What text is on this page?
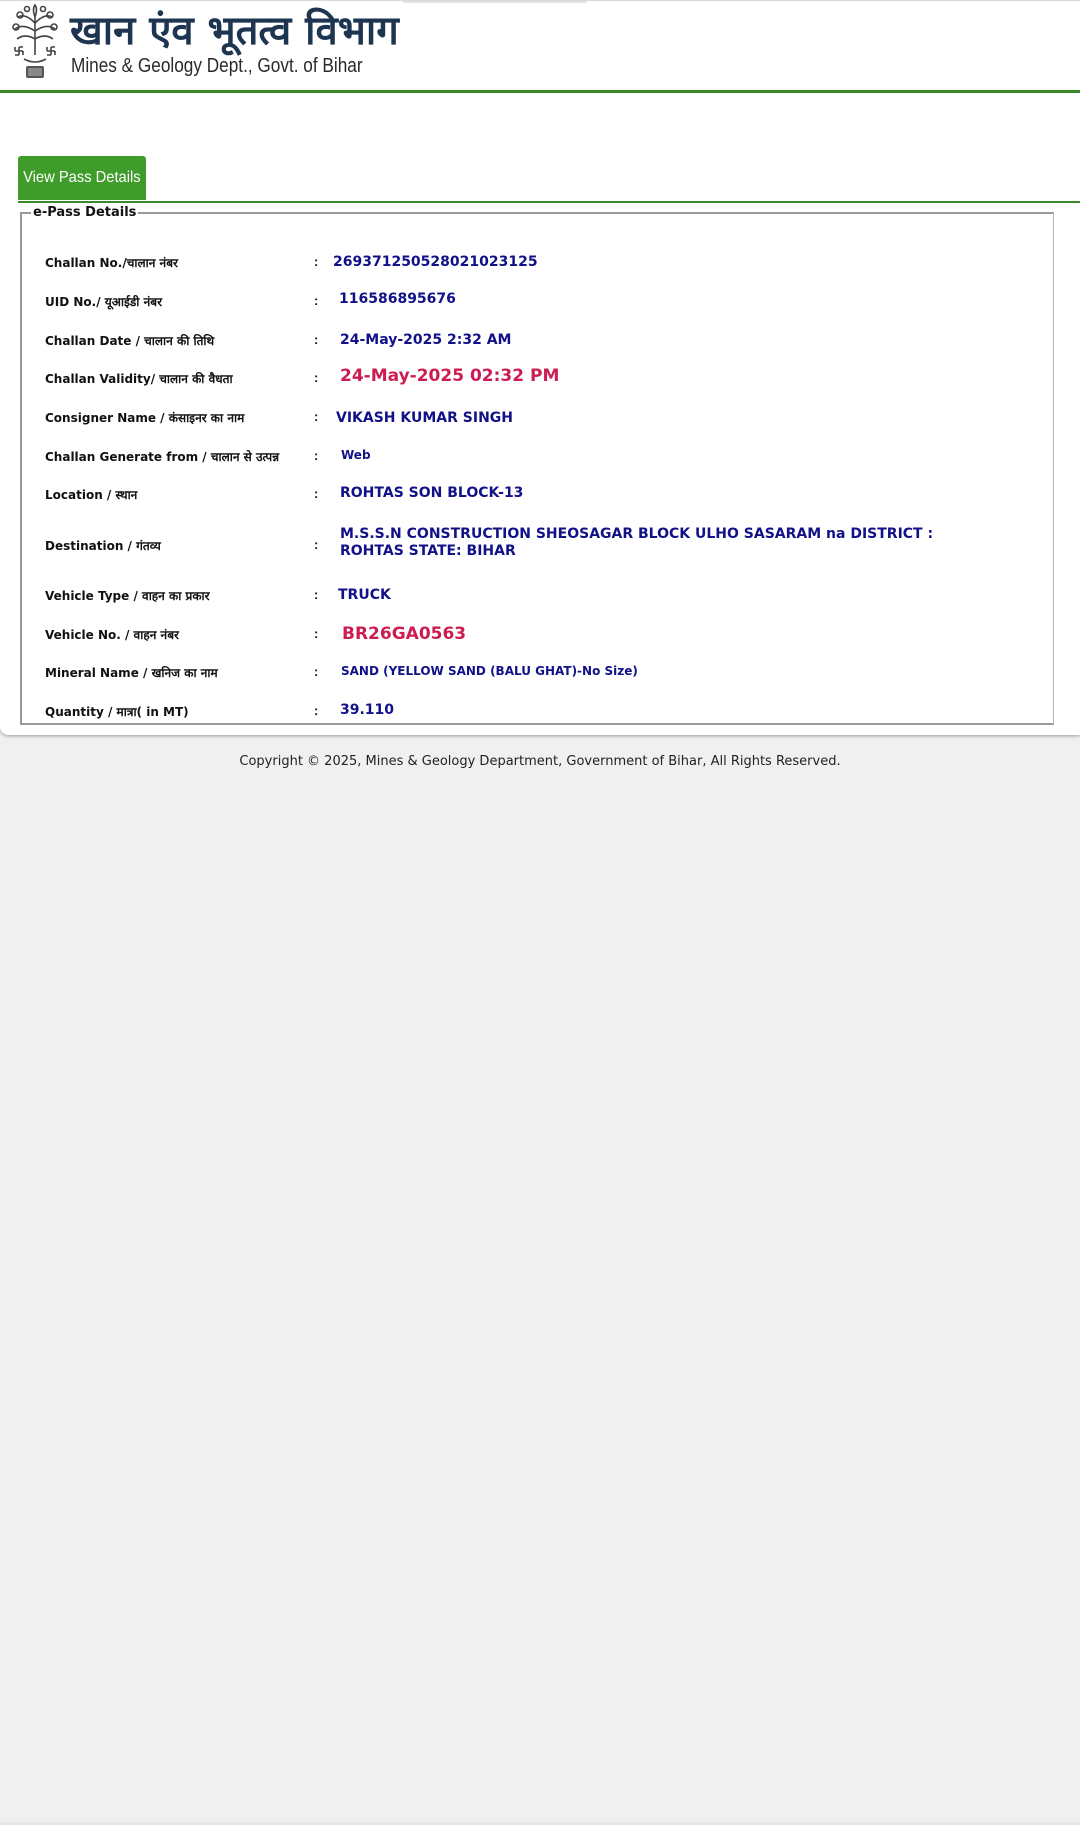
खान एंव भूतत्व विभाग
Mines & Geology Dept., Govt. of Bihar
View Pass Details
e-Pass Details
Challan No./चालान नंबर	: 269371250528021023125
UID No./ यूआईडी नंबर	: 116586895676
Challan Date / चालान की तिथि	: 24-May-2025 2:32 AM
Challan Validity/ चालान की वैधता	: 24-May-2025 02:32 PM
Consigner Name / कंसाइनर का नाम	: VIKASH KUMAR SINGH
Challan Generate from / चालान से उत्पन्न	: Web
Location / स्थान	: ROHTAS SON BLOCK-13
Destination / गंतव्य	:
M.S.S.N CONSTRUCTION SHEOSAGAR BLOCK ULHO SASARAM na DISTRICT : ROHTAS STATE: BIHAR
Vehicle Type / वाहन का प्रकार	: TRUCK
Vehicle No. / वाहन नंबर	: BR26GA0563
Mineral Name / खनिज का नाम	: SAND (YELLOW SAND (BALU GHAT)-No Size)
Quantity / मात्रा( in MT)	: 39.110
Copyright © 2025, Mines & Geology Department, Government of Bihar, All Rights Reserved.
